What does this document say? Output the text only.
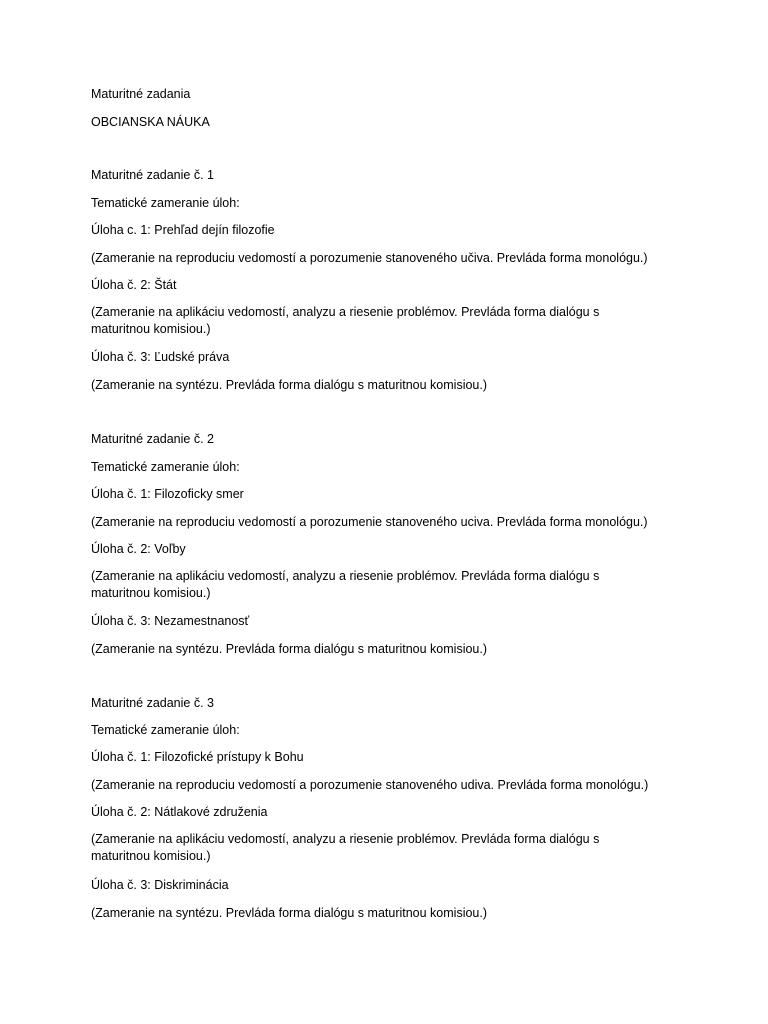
Maturitné zadania
OBCIANSKA NÁUKA
Maturitné zadanie č. 1
Tematické zameranie úloh:
Úloha c. 1: Prehľad dejín filozofie
(Zameranie na reproduciu vedomostí a porozumenie stanoveného učiva. Prevláda forma monológu.)
Úloha č. 2: Štát
(Zameranie na aplikáciu vedomostí, analyzu a riesenie problémov. Prevláda forma dialógu s
maturitnou komisiou.)
Úloha č. 3: Ľudské práva
(Zameranie na syntézu. Prevláda forma dialógu s maturitnou komisiou.)
Maturitné zadanie č. 2
Tematické zameranie úloh:
Úloha č. 1: Filozoficky smer
(Zameranie na reproduciu vedomostí a porozumenie stanoveného uciva. Prevláda forma monológu.)
Úloha č. 2: Voľby
(Zameranie na aplikáciu vedomostí, analyzu a riesenie problémov. Prevláda forma dialógu s
maturitnou komisiou.)
Úloha č. 3: Nezamestnanosť
(Zameranie na syntézu. Prevláda forma dialógu s maturitnou komisiou.)
Maturitné zadanie č. 3
Tematické zameranie úloh:
Úloha č. 1: Filozofické prístupy k Bohu
(Zameranie na reproduciu vedomostí a porozumenie stanoveného udiva. Prevláda forma monológu.)
Úloha č. 2: Nátlakové združenia
(Zameranie na aplikáciu vedomostí, analyzu a riesenie problémov. Prevláda forma dialógu s
maturitnou komisiou.)
Úloha č. 3: Diskriminácia
(Zameranie na syntézu. Prevláda forma dialógu s maturitnou komisiou.)
